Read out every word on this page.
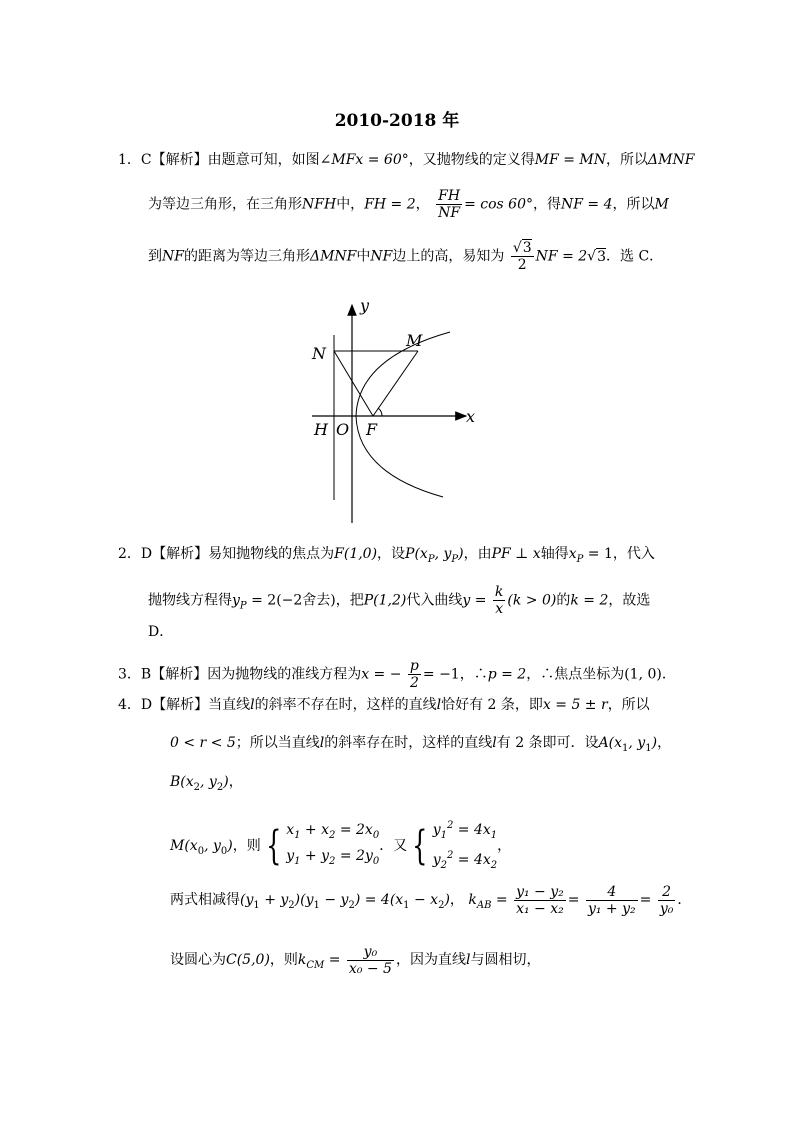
2010-2018 年
1．C【解析】由题意可知，如图∠MFx = 60°，又抛物线的定义得MF = MN，所以ΔMNF
为等边三角形，在三角形NFH中，FH = 2， $\frac{FH}{NF} = \cos 60^\circ$，得NF = 4，所以M
到NF的距离为等边三角形ΔMNF中NF边上的高，易知为 $\frac{√3}{2}$ NF = 2√3．选 C．
y
x
N
M
H O F
2．D【解析】易知抛物线的焦点为F(1,0)，设$P(x_P$, $y_P$)，由PF ⊥ x轴得$x_P = 1$，代入
抛物线方程得$y_P = 2(-2$舍去)，把P(1,2)代入曲线$y = \frac{k}{x} (k > 0)$的k = 2，故选
D．
3．B【解析】因为抛物线的准线方程为x = − $\frac{p}{2} = -1$，∴p = 2，∴焦点坐标为(1, 0)．
4．D【解析】当直线l的斜率不存在时，这样的直线l恰好有 2 条，即x = 5 ± r，所以
0 < r < 5；所以当直线l的斜率存在时，这样的直线l有 2 条即可．设$A(x_1$, $y_1$)，
$B(x_2$, $y_2$)，
$M(x_0$, $y_0$)，则 { $x_1 + x_2 = 2x_0$
$y_1 + y_2 = 2y_0$
．又 { $y_1^2 = 4x_1$
$y_2^2 = 4x_2$
，
两式相减得$(y_1 + y_2)(y_1 - y_2) = 4(x_1 - x_2)$， $k_{AB} = \frac{\text{y₁ − y₂}}{\text{x₁ − x₂}} = \frac{4}{\text{y₁ + y₂}} = \frac{2}{\text{y₀}}$ ．
设圆心为C(5,0)，则$k_{CM} = \frac{\text{y₀}}{\text{x₀ − 5}}$ ，因为直线l与圆相切，
